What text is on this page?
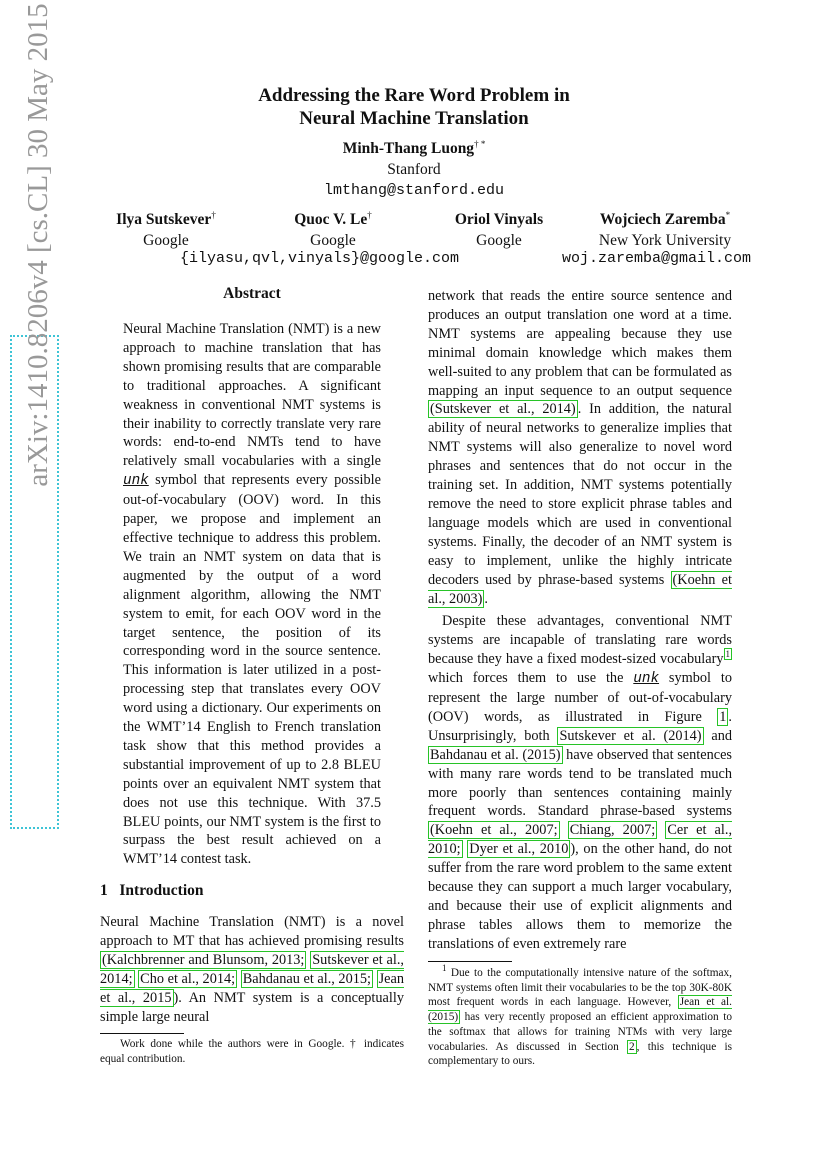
Addressing the Rare Word Problem in
Neural Machine Translation
Minh-Thang Luong† *
Stanford
lmthang@stanford.edu
Ilya Sutskever†
Google
Quoc V. Le†
Google
Oriol Vinyals
Google
Wojciech Zaremba*
New York University
{ilyasu,qvl,vinyals}@google.com	woj.zaremba@gmail.com
arXiv:1410.8206v4 [cs.CL] 30 May 2015	Abstract

Neural Machine Translation (NMT) is a new approach to machine translation that has shown promising results that are comparable to traditional approaches. A significant weakness in conventional NMT systems is their inability to correctly translate very rare words: end-to-end NMTs tend to have relatively small vocabularies with a single unk symbol that represents every possible out-of-vocabulary (OOV) word. In this paper, we propose and implement an effective technique to address this problem. We train an NMT system on data that is augmented by the output of a word alignment algorithm, allowing the NMT system to emit, for each OOV word in the target sentence, the position of its corresponding word in the source sentence. This information is later utilized in a post-processing step that translates every OOV word using a dictionary. Our experiments on the WMT’14 English to French translation task show that this method provides a substantial improvement of up to 2.8 BLEU points over an equivalent NMT system that does not use this technique. With 37.5 BLEU points, our NMT system is the first to surpass the best result achieved on a WMT’14 contest task.

1 Introduction

Neural Machine Translation (NMT) is a novel approach to MT that has achieved promising results (Kalchbrenner and Blunsom, 2013; Sutskever et al., 2014; Cho et al., 2014; Bahdanau et al., 2015; Jean et al., 2015 ). An NMT system is a conceptually simple large neural

Work done while the authors were in Google. † indicates equal contribution.

network that reads the entire source sentence and produces an output translation one word at a time. NMT systems are appealing because they use minimal domain knowledge which makes them well-suited to any problem that can be formulated as mapping an input sequence to an output sequence (Sutskever et al., 2014) . In addition, the natural ability of neural networks to generalize implies that NMT systems will also generalize to novel word phrases and sentences that do not occur in the training set. In addition, NMT systems potentially remove the need to store explicit phrase tables and language models which are used in conventional systems. Finally, the decoder of an NMT system is easy to implement, unlike the highly intricate decoders used by phrase-based systems (Koehn et al., 2003) .

Despite these advantages, conventional NMT systems are incapable of translating rare words because they have a fixed modest-sized vocabulary $^1$ which forces them to use the unk symbol to represent the large number of out-of-vocabulary (OOV) words, as illustrated in Figure 1 . Unsurprisingly, both Sutskever et al. (2014) and Bahdanau et al. (2015) have observed that sentences with many rare words tend to be translated much more poorly than sentences containing mainly frequent words. Standard phrase-based systems (Koehn et al., 2007; Chiang, 2007; Cer et al., 2010; Dyer et al., 2010 ), on the other hand, do not suffer from the rare word problem to the same extent because they can support a much larger vocabulary, and because their use of explicit alignments and phrase tables allows them to memorize the translations of even extremely rare

$^1$ Due to the computationally intensive nature of the softmax, NMT systems often limit their vocabularies to be the top 30K-80K most frequent words in each language. However, Jean et al. (2015) has very recently proposed an efficient approximation to the softmax that allows for training NTMs with very large vocabularies. As discussed in Section 2 , this technique is complementary to ours.
